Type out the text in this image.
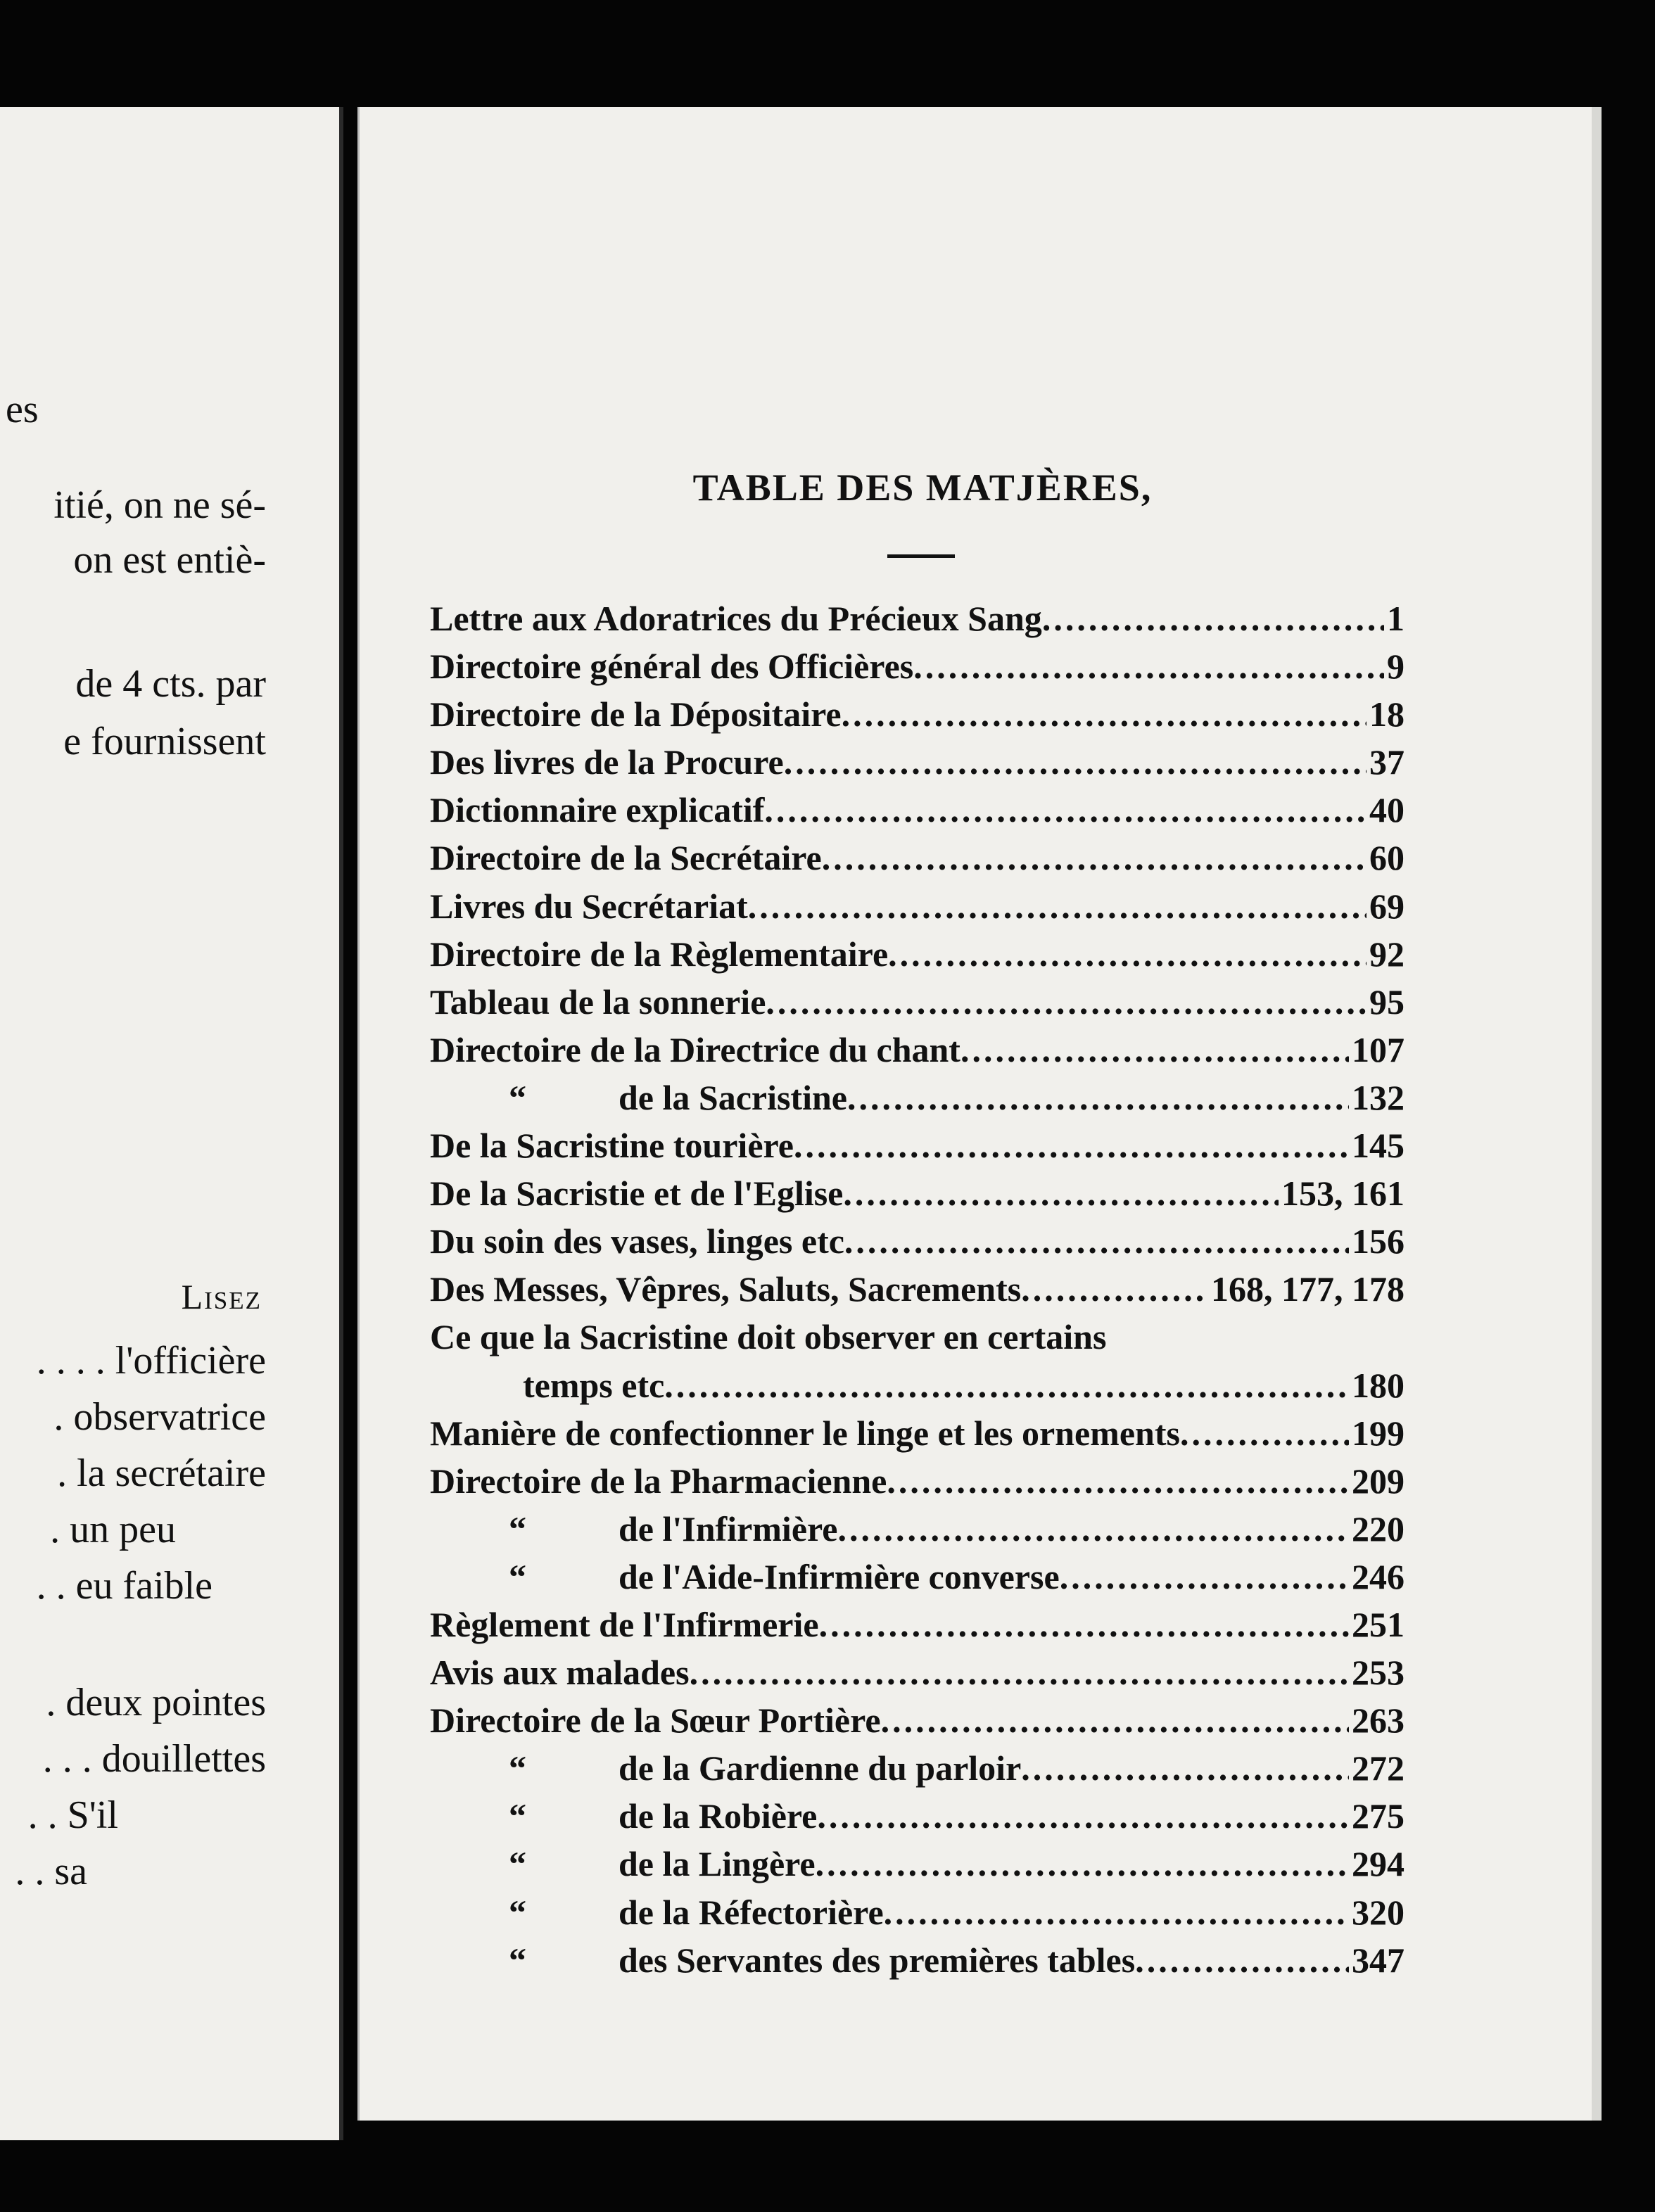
es
itié, on ne sé-
on est entiè-
de 4 cts. par
e fournissent
Lisez
. . . . l'officière
. observatrice
. la secrétaire
. un peu
. . eu faible
. deux pointes
. . . douillettes
. . S'il
. . sa
TABLE DES MATJÈRES,
Lettre aux Adoratrices du Précieux Sang .....	1
Directoire général des Officières .....	9
Directoire de la Dépositaire .....	18
Des livres de la Procure .....	37
Dictionnaire explicatif .....	40
Directoire de la Secrétaire .....	60
Livres du Secrétariat .....	69
Directoire de la Règlementaire .....	92
Tableau de la sonnerie .....	95
Directoire de la Directrice du chant .....	107
“	de la Sacristine .....	132
De la Sacristine tourière .....	145
De la Sacristie et de l'Eglise .....	153, 161
Du soin des vases, linges etc .....	156
Des Messes, Vêpres, Saluts, Sacrements .....	168, 177, 178
Ce que la Sacristine doit observer en certains
temps etc .....	180
Manière de confectionner le linge et les ornements .....	199
Directoire de la Pharmacienne .....	209
“	de l'Infirmière .....	220
“	de l'Aide-Infirmière converse .....	246
Règlement de l'Infirmerie .....	251
Avis aux malades .....	253
Directoire de la Sœur Portière .....	263
“	de la Gardienne du parloir .....	272
“	de la Robière .....	275
“	de la Lingère .....	294
“	de la Réfectorière .....	320
“	des Servantes des premières tables .....	347
